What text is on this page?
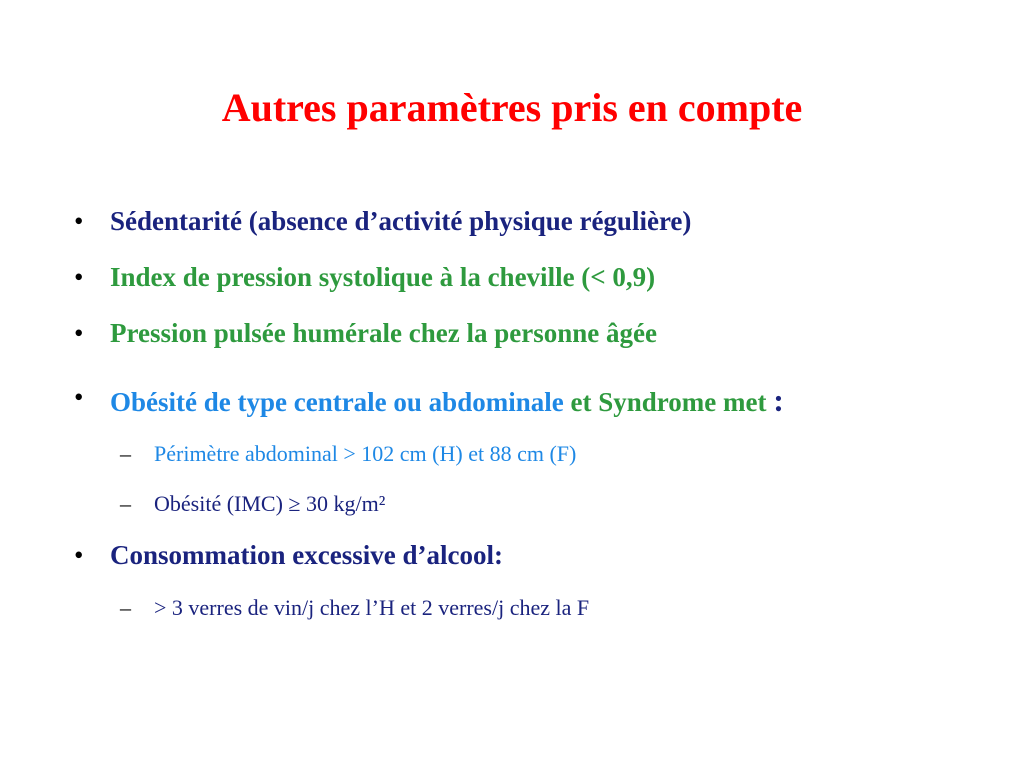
Autres paramètres pris en compte
• Sédentarité (absence d’activité physique régulière)
• Index de pression systolique à la cheville (< 0,9)
• Pression pulsée humérale chez la personne âgée
• Obésité de type centrale ou abdominale et Syndrome met :
– Périmètre abdominal > 102 cm (H) et 88 cm (F)
– Obésité (IMC) ≥ 30 kg/m²
• Consommation excessive d’alcool:
– > 3 verres de vin/j chez l’H et 2 verres/j chez la F
